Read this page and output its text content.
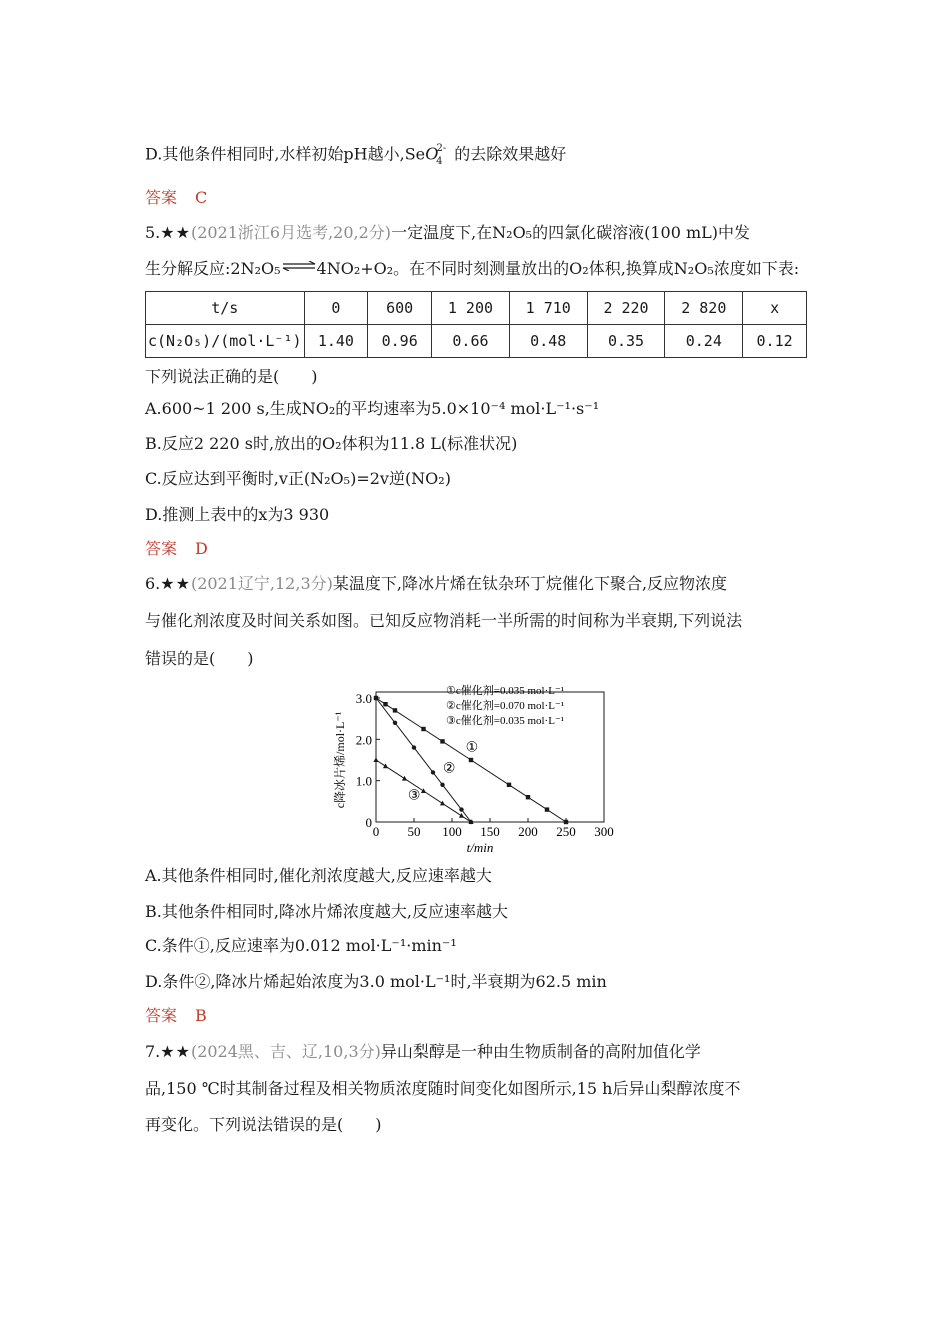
D.其他条件相同时,水样初始pH越小,SeO$_4^{2-}$ 的去除效果越好
答案 C
5.★★(2021浙江6月选考,20,2分)一定温度下,在N₂O₅的四氯化碳溶液(100 mL)中发
生分解反应:2N₂O₅⇌4NO₂+O₂。在不同时刻测量放出的O₂体积,换算成N₂O₅浓度如下表:
t/s	0	600	1 200	1 710	2 220	2 820	x
c(N₂O₅)/(mol·L⁻¹)	1.40	0.96	0.66	0.48	0.35	0.24	0.12
下列说法正确的是(　　)
A.600~1 200 s,生成NO₂的平均速率为5.0×10⁻⁴ mol·L⁻¹·s⁻¹
B.反应2 220 s时,放出的O₂体积为11.8 L(标准状况)
C.反应达到平衡时,v正(N₂O₅)=2v逆(NO₂)
D.推测上表中的x为3 930
答案 D
6.★★(2021辽宁,12,3分)某温度下,降冰片烯在钛杂环丁烷催化下聚合,反应物浓度
与催化剂浓度及时间关系如图。已知反应物消耗一半所需的时间称为半衰期,下列说法
错误的是(　　)
0 50 100 150 200 250 300
0
1.0
2.0
3.0
t/min
c降冰片烯/mol·L⁻¹	①
②
③
①c催化剂=0.035 mol·L⁻¹
②c催化剂=0.070 mol·L⁻¹
③c催化剂=0.035 mol·L⁻¹
A.其他条件相同时,催化剂浓度越大,反应速率越大
B.其他条件相同时,降冰片烯浓度越大,反应速率越大
C.条件①,反应速率为0.012 mol·L⁻¹·min⁻¹
D.条件②,降冰片烯起始浓度为3.0 mol·L⁻¹时,半衰期为62.5 min
答案 B
7.★★(2024黑、吉、辽,10,3分)异山梨醇是一种由生物质制备的高附加值化学
品,150 ℃时其制备过程及相关物质浓度随时间变化如图所示,15 h后异山梨醇浓度不
再变化。下列说法错误的是(　　)
